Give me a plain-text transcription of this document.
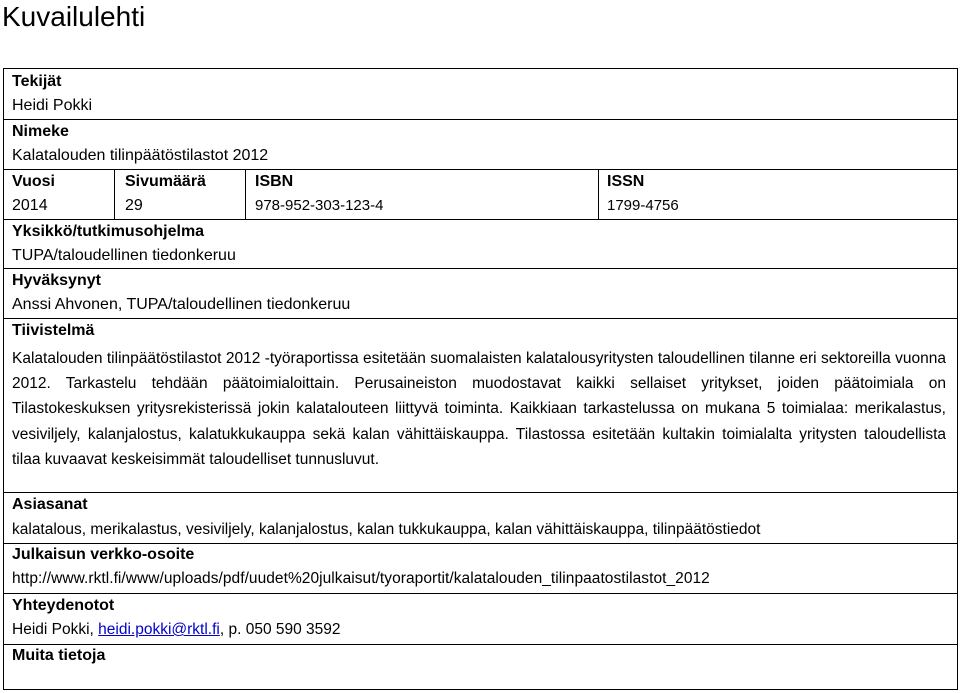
Kuvailulehti
Tekijät
Heidi Pokki
Nimeke
Kalatalouden tilinpäätöstilastot 2012
Vuosi
2014
Sivumäärä
29
ISBN
978-952-303-123-4
ISSN
1799-4756
Yksikkö/tutkimusohjelma
TUPA/taloudellinen tiedonkeruu
Hyväksynyt
Anssi Ahvonen, TUPA/taloudellinen tiedonkeruu
Tiivistelmä
Kalatalouden tilinpäätöstilastot 2012 -työraportissa esitetään suomalaisten kalatalousyritysten taloudellinen tilanne eri sektoreilla vuonna 2012. Tarkastelu tehdään päätoimialoittain. Perusaineiston muodostavat kaikki sellaiset yritykset, joiden päätoimiala on Tilastokeskuksen yritysrekisterissä jokin kalatalouteen liittyvä toiminta. Kaikkiaan tarkastelussa on mukana 5 toimialaa: merikalastus, vesiviljely, kalanjalostus, kalatukkukauppa sekä kalan vähittäiskauppa. Tilastossa esitetään kultakin toimialalta yritysten taloudellista tilaa kuvaavat keskeisimmät taloudelliset tunnusluvut.
Asiasanat
kalatalous, merikalastus, vesiviljely, kalanjalostus, kalan tukkukauppa, kalan vähittäiskauppa, tilinpäätöstiedot
Julkaisun verkko-osoite
http://www.rktl.fi/www/uploads/pdf/uudet%20julkaisut/tyoraportit/kalatalouden_tilinpaatostilastot_2012
Yhteydenotot
Heidi Pokki, heidi.pokki@rktl.fi, p. 050 590 3592
Muita tietoja
